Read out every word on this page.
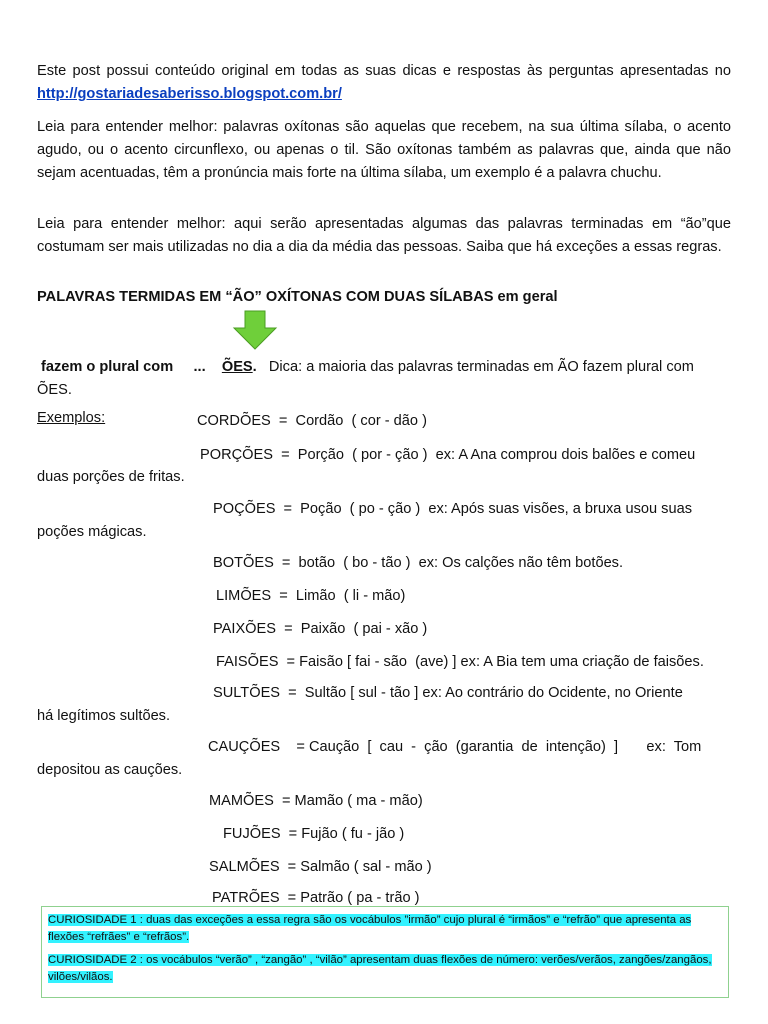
Este post possui conteúdo original em todas as suas dicas e respostas às perguntas apresentadas no http://gostariadesaberisso.blogspot.com.br/

Leia para entender melhor: palavras oxítonas são aquelas que recebem, na sua última sílaba, o acento agudo, ou o acento circunflexo, ou apenas o til. São oxítonas também as palavras que, ainda que não sejam acentuadas, têm a pronúncia mais forte na última sílaba, um exemplo é a palavra chuchu.

Leia para entender melhor: aqui serão apresentadas algumas das palavras terminadas em “ão”que costumam ser mais utilizadas no dia a dia da média das pessoas. Saiba que há exceções a essas regras.

PALAVRAS TERMIDAS EM “ÃO” OXÍTONAS COM DUAS SÍLABAS em geral
fazem o plural com     ...    ÕES.   Dica: a maioria das palavras terminadas em ÃO fazem plural com ÕES.
Exemplos:	CORDÕES  =  Cordão  ( cor - dão )
PORÇÕES  =  Porção  ( por - ção )  ex: A Ana comprou dois balões e comeu
duas porções de fritas.
POÇÕES  =  Poção  ( po - ção )  ex: Após suas visões, a bruxa usou suas
poções mágicas.
BOTÕES  =  botão  ( bo - tão )  ex: Os calções não têm botões.
LIMÕES  =  Limão  ( li - mão)
PAIXÕES  =  Paixão  ( pai - xão )
FAISÕES  = Faisão [ fai - são  (ave) ] ex: A Bia tem uma criação de faisões.
SULTÕES  =  Sultão [ sul - tão ] ex: Ao contrário do Ocidente, no Oriente
há legítimos sultões.
CAUÇÕES    = Caução  [  cau  -  ção  (garantia  de  intenção)  ]       ex:  Tom
depositou as cauções.
MAMÕES  = Mamão ( ma - mão)
FUJÕES  = Fujão ( fu - jão )
SALMÕES  = Salmão ( sal - mão )
PATRÕES  = Patrão ( pa - trão )

CURIOSIDADE 1 : duas das exceções a essa regra são os vocábulos ”irmão” cujo plural é “irmãos” e “refrão” que apresenta as flexões “refrães” e “refrãos”.

CURIOSIDADE 2 : os vocábulos “verão” , “zangão” , “vilão” apresentam duas flexões de número: verões/verãos, zangões/zangãos, vilões/vilãos.
